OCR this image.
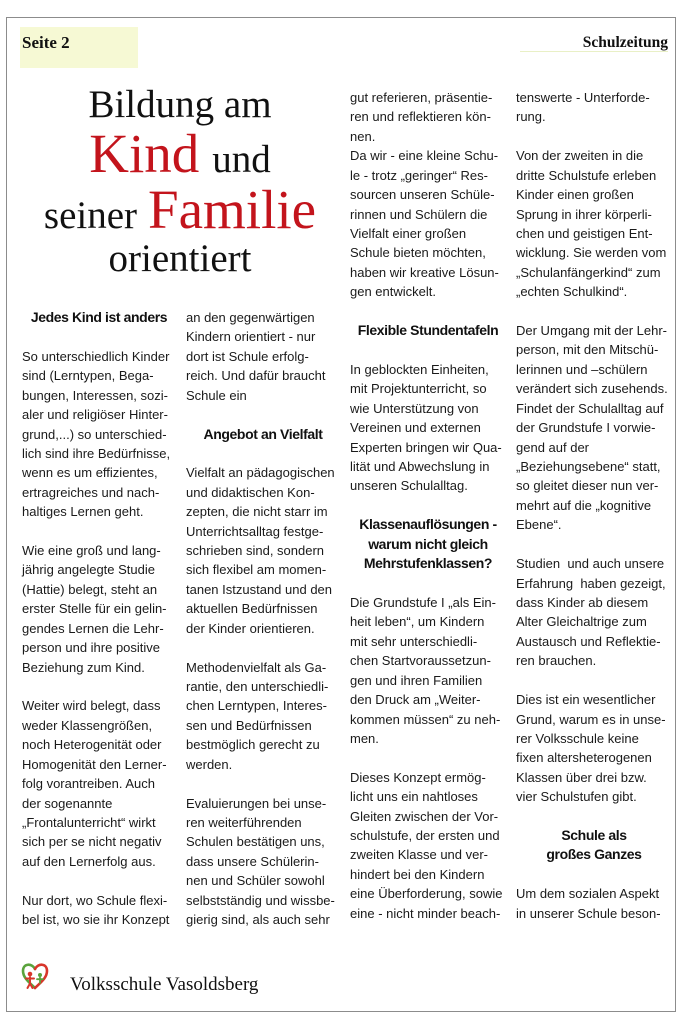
Seite 2	Schulzeitung
Bildung am
Kind und
seiner Familie
orientiert
Jedes Kind ist anders
So unterschiedlich Kinder
sind (Lerntypen, Bega-
bungen, Interessen, sozi-
aler und religiöser Hinter-
grund,...) so unterschied-
lich sind ihre Bedürfnisse,
wenn es um effizientes,
ertragreiches und nach-
haltiges Lernen geht.
Wie eine groß und lang-
jährig angelegte Studie
(Hattie) belegt, steht an
erster Stelle für ein gelin-
gendes Lernen die Lehr-
person und ihre positive
Beziehung zum Kind.
Weiter wird belegt, dass
weder Klassengrößen,
noch Heterogenität oder
Homogenität den Lerner-
folg vorantreiben. Auch
der sogenannte
„Frontalunterricht“ wirkt
sich per se nicht negativ
auf den Lernerfolg aus.
Nur dort, wo Schule flexi-
bel ist, wo sie ihr Konzept
an den gegenwärtigen
Kindern orientiert - nur
dort ist Schule erfolg-
reich. Und dafür braucht
Schule ein
Angebot an Vielfalt
Vielfalt an pädagogischen
und didaktischen Kon-
zepten, die nicht starr im
Unterrichtsalltag festge-
schrieben sind, sondern
sich flexibel am momen-
tanen Istzustand und den
aktuellen Bedürfnissen
der Kinder orientieren.
Methodenvielfalt als Ga-
rantie, den unterschiedli-
chen Lerntypen, Interes-
sen und Bedürfnissen
bestmöglich gerecht zu
werden.
Evaluierungen bei unse-
ren weiterführenden
Schulen bestätigen uns,
dass unsere Schülerin-
nen und Schüler sowohl
selbstständig und wissbe-
gierig sind, als auch sehr
gut referieren, präsentie-
ren und reflektieren kön-
nen.
Da wir - eine kleine Schu-
le - trotz „geringer“ Res-
sourcen unseren Schüle-
rinnen und Schülern die
Vielfalt einer großen
Schule bieten möchten,
haben wir kreative Lösun-
gen entwickelt.
Flexible Stundentafeln
In geblockten Einheiten,
mit Projektunterricht, so
wie Unterstützung von
Vereinen und externen
Experten bringen wir Qua-
lität und Abwechslung in
unseren Schulalltag.
Klassenauflösungen -
warum nicht gleich
Mehrstufenklassen?
Die Grundstufe I „als Ein-
heit leben“, um Kindern
mit sehr unterschiedli-
chen Startvoraussetzun-
gen und ihren Familien
den Druck am „Weiter-
kommen müssen“ zu neh-
men.
Dieses Konzept ermög-
licht uns ein nahtloses
Gleiten zwischen der Vor-
schulstufe, der ersten und
zweiten Klasse und ver-
hindert bei den Kindern
eine Überforderung, sowie
eine - nicht minder beach-
tenswerte - Unterforde-
rung.
Von der zweiten in die
dritte Schulstufe erleben
Kinder einen großen
Sprung in ihrer körperli-
chen und geistigen Ent-
wicklung. Sie werden vom
„Schulanfängerkind“ zum
„echten Schulkind“.
Der Umgang mit der Lehr-
person, mit den Mitschü-
lerinnen und –schülern
verändert sich zusehends.
Findet der Schulalltag auf
der Grundstufe I vorwie-
gend auf der
„Beziehungsebene“ statt,
so gleitet dieser nun ver-
mehrt auf die „kognitive
Ebene“.
Studien  und auch unsere
Erfahrung  haben gezeigt,
dass Kinder ab diesem
Alter Gleichaltrige zum
Austausch und Reflektie-
ren brauchen.
Dies ist ein wesentlicher
Grund, warum es in unse-
rer Volksschule keine
fixen altersheterogenen
Klassen über drei bzw.
vier Schulstufen gibt.
Schule als
großes Ganzes
Um dem sozialen Aspekt
in unserer Schule beson-
Volksschule Vasoldsberg
